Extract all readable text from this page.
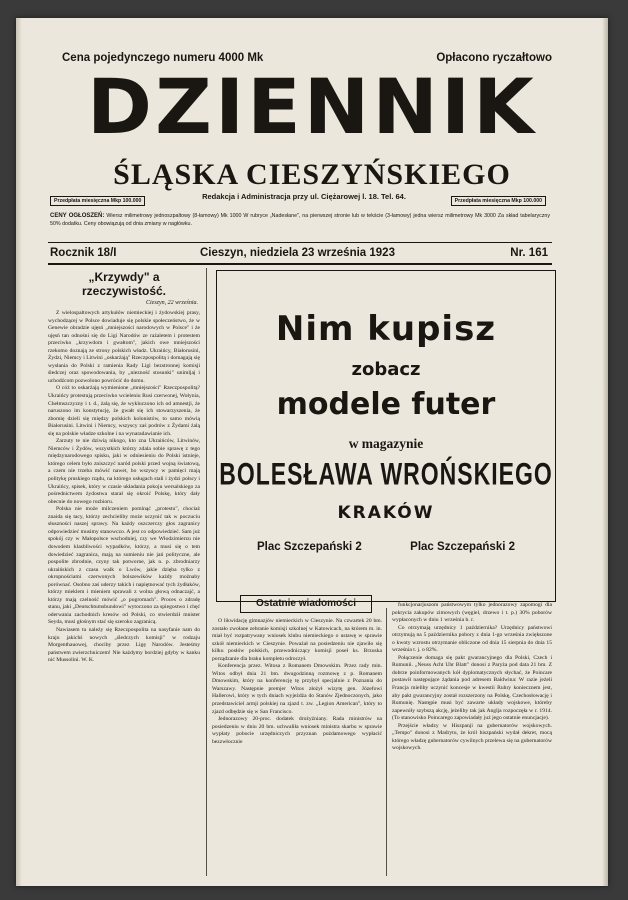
Cena pojedynczego numeru 4000 Mk	Opłacono ryczałtowo
DZIENNIK
ŚLĄSKA CIESZYŃSKIEGO
Przedpłata miesięczna Mkp 100.000	Redakcja i Administracja przy ul. Ciężarowej l. 18. Tel. 64.	Przedpłata miesięczna Mkp 100.000
CENY OGŁOSZEŃ: Wiersz milimetrowy jednoszpaltowy (8-łamowy) Mk 1000 W rubryce „Nadesłane", na pierwszej stronie lub w tekście (3-łamowy) jedna wiersz milimetrowy Mk 3000 Za skład tabelaryczny 50% dodatku. Ceny obowiązują od dnia zmiany w nagłówku.
Rocznik 18/I	Cieszyn, niedziela 23 września 1923	Nr. 161
„Krzywdy" a rzeczywistość.
Cieszyn, 22 września.

Z wielospaltowych artykułów niemieckiej i żydowskiej prasy, wychodzącej w Polsce dowiaduje się polskie społeczeństwo, że w Genewie obradzie ujęsń „mniejszości narodowych w Polsce" i że ujęsń tan odnośni się do Ligi Narodów ze rażaletem i protestem przeciwko „krzywdom i gwałtom", jakich owe mniejszości rzekomo doznają ze strony polskich władz. Ukraińcy, Białorusini, Żydzi, Niemcy i Litwini „oskarżają" Rzeczpospolitą i domagają się wysłania do Polski z ramienia Rady Ligi bezstronnej komisji śledczej oraz spowodowania, by „niezność stosunki" unimljaj i uchodźcom pozwolono powrócić do domu.

O cóż to oskarżają wymienione „mniejszości" Rzeczpospolitą? Ukraińcy protestują przeciwko wcieleniu Rusi czerwonej, Wołynia, Chełmszczyzny i t. d., żalą się, że wykluczono ich od amnestji, że naruszono im konstytucję, że gwałt się ich stowarzyszenia, że zbomię dzieli się między polskich kolonistów, to samo mówią Białorusini. Litwini i Niemcy, wszyscy zaś podrów z Żydami żalą się na polskie władze szkolne i na wynaradawianie ich.

Zarzuty te nie dziwią nikogo, kto zna Ukraińców, Litwinów, Niemców i Żydów, wszystkich którzy zdala sobie sprawę z tego międzynarodowego spisku, jaki w odniesieniu do Polski istnieje, którego celem było zniszczyć naród polski przed wojną światową, a czem nie trzeba mówić nawet, bo wszyscy w pamięci mają politykę pruskiego rządu, na którego usługach stali i żydzi polscy i Ukraińcy, spisek, który w czasie układania pokoju wersalskiego za pośrednictwem żydostwa starał się okroić Polskę, który dały obecnie do nowego rozbioru.

Polska nie może milczeniem pominąć „protestu", chociaż znaida się tacy, którzy zechcieliby może uczynić tak w poczuciu słuszności naszej sprawy. Na każdy oszczerczy głos zagranicy odpowiedzieć musimy stanowczo. A jest co odpowiedzieć. Sam już spokój czy w Małopolsce wschodniej, czy we Włodzimierzu nie dowodem klasbliwości wypadków, którzy, a musi się o tem dowiedzieć zagranica, mają na sumieniu nie jań polityczne, ale pospolite zbrodnie, czyny tak potworne, jak n. p. zbrodniarzy ukraińskich z czasu walk o Lwów, jakie dzięba tylko z okropnościami czerwonych bolszewików każdy możnaby porównać. Osobno zaś uderzy takich i napiętnować tych żydłaków, którzy mieklem i mieniem sprawali z wolna głową odnaczajć, a którzy mają czelność mówić „o pogromach". Proces o zdradę stanu, jaki „Deutschtumsbundowi" wytoczono za spiegostwo i chęć oderwania zachodnich kresów od Polski, co stwierdził mnister Seyda, musi głośnym stać się szeroko zagranicą.

Nawiasem tu należy się Rzeczpospolita na nasyfanie nam do kraju jakichś nowych „śledczych komisji" w rodzaju Morgenthauowej, chociby przez Ligę Narodów. Jesteśmy państwem zwierzchniczem! Nie każdymy bordziej gdyby w kanku nić Mussolini. W. K.

Nim kupisz
zobacz
modele futer
w magazynie
BOLESŁAWA WROŃSKIEGO
KRAKÓW
Plac Szczepański 2	Plac Szczepański 2
Ostatnie wiadomości

O likwidację gimnazjów niemieckich w Cieszynie. Na czwartek 20 bm. zostało zwołane zebranie komisji szkolnej w Katowicach, na którem m. in. miał być rozpatrywany wniosek klubu niemieckiego o ustawę w sprawie szkół niemieckich w Cieszynie. Poważał na posiedzeniu nie zjawiło się kilku posłów polskich, przewodniczący komisji poseł ks. Brzuska porządzanie dla braku kompletu odroczył.

Konferencja przez. Witosa z Romanem Dmowskim. Przez rady min. Witos odbył dnia 21 bm. dwugodzinną rozmowę z p. Romanem Dmowskim, który na konferencję tę przybył specjalnie z Poznania do Warszawy. Następnie premjer Witos złożył wizytę gen. Józefowi Hallerowi, który w tych dniach wyjeżdża do Stanów Zjednoczonych, jako przedstawiciel armji polskiej na zjazd t. zw. „Legion American", który to zjazd odbędzie się w San Francisco.

Jednorazowy 20-proc. dodatek drożyźniany. Rada ministrów na posiedzeniu w dniu 20 bm. uchwaliła wniosek ministra skarbu w sprawie wypłaty pobocie urzędniczych przyznan pożdamowego wypłacić bezzwłocznie

funkcjonarjuszom państwowym tylko jednorazowy zapomogi dla pokrycia zakupów zimowych (węgiel, drzewo i t. p.) 30% poborów wypłaconych w dniu 1 września b. r.

Co otrzymają urzędnicy 1 października? Urzędnicy państwowi otrzymują na 5 października pobory z dnia 1-go września zwiększone o kwoty wzrostu otrzymanie obliczone od dnia 15 sierpnia do dnia 15 września t. j. o 82%.

Połączenie domaga się pakt gwarancyjnego dla Polski, Czech i Rumunii. „Neuss Acht Uhr Blatt" donosi z Paryża pod data 21 bm. Z dobrze poinformowanych kół dyplomatycznych słychać, że Poincare postawił następujące żądania pod adresem Baldwina: W razie jeżeli Francja mieliby uczynić koncesje w kwestii Ruhry koniecznem jest, aby pakt gwarancyjny został rozszerzony na Polskę, Czechosłowację i Rumunię. Następie musi być zawarte układy wojskowe, któreby zapewniły szybszą akcję, jeżeliby tak jak Anglja rozpoczęła w r. 1914. (To stanowisko Poincarego zapowiadały już jego ostatnie enuncjacje).

Przejście władzy w Hiszpanji na gubernatorów wojskowych. „Tempo" donosi z Madrytu, że król hiszpański wydał dekret, mocą którego władzę gubernatorów cywilnych przelewa się na gubernatorów wojskowych.
